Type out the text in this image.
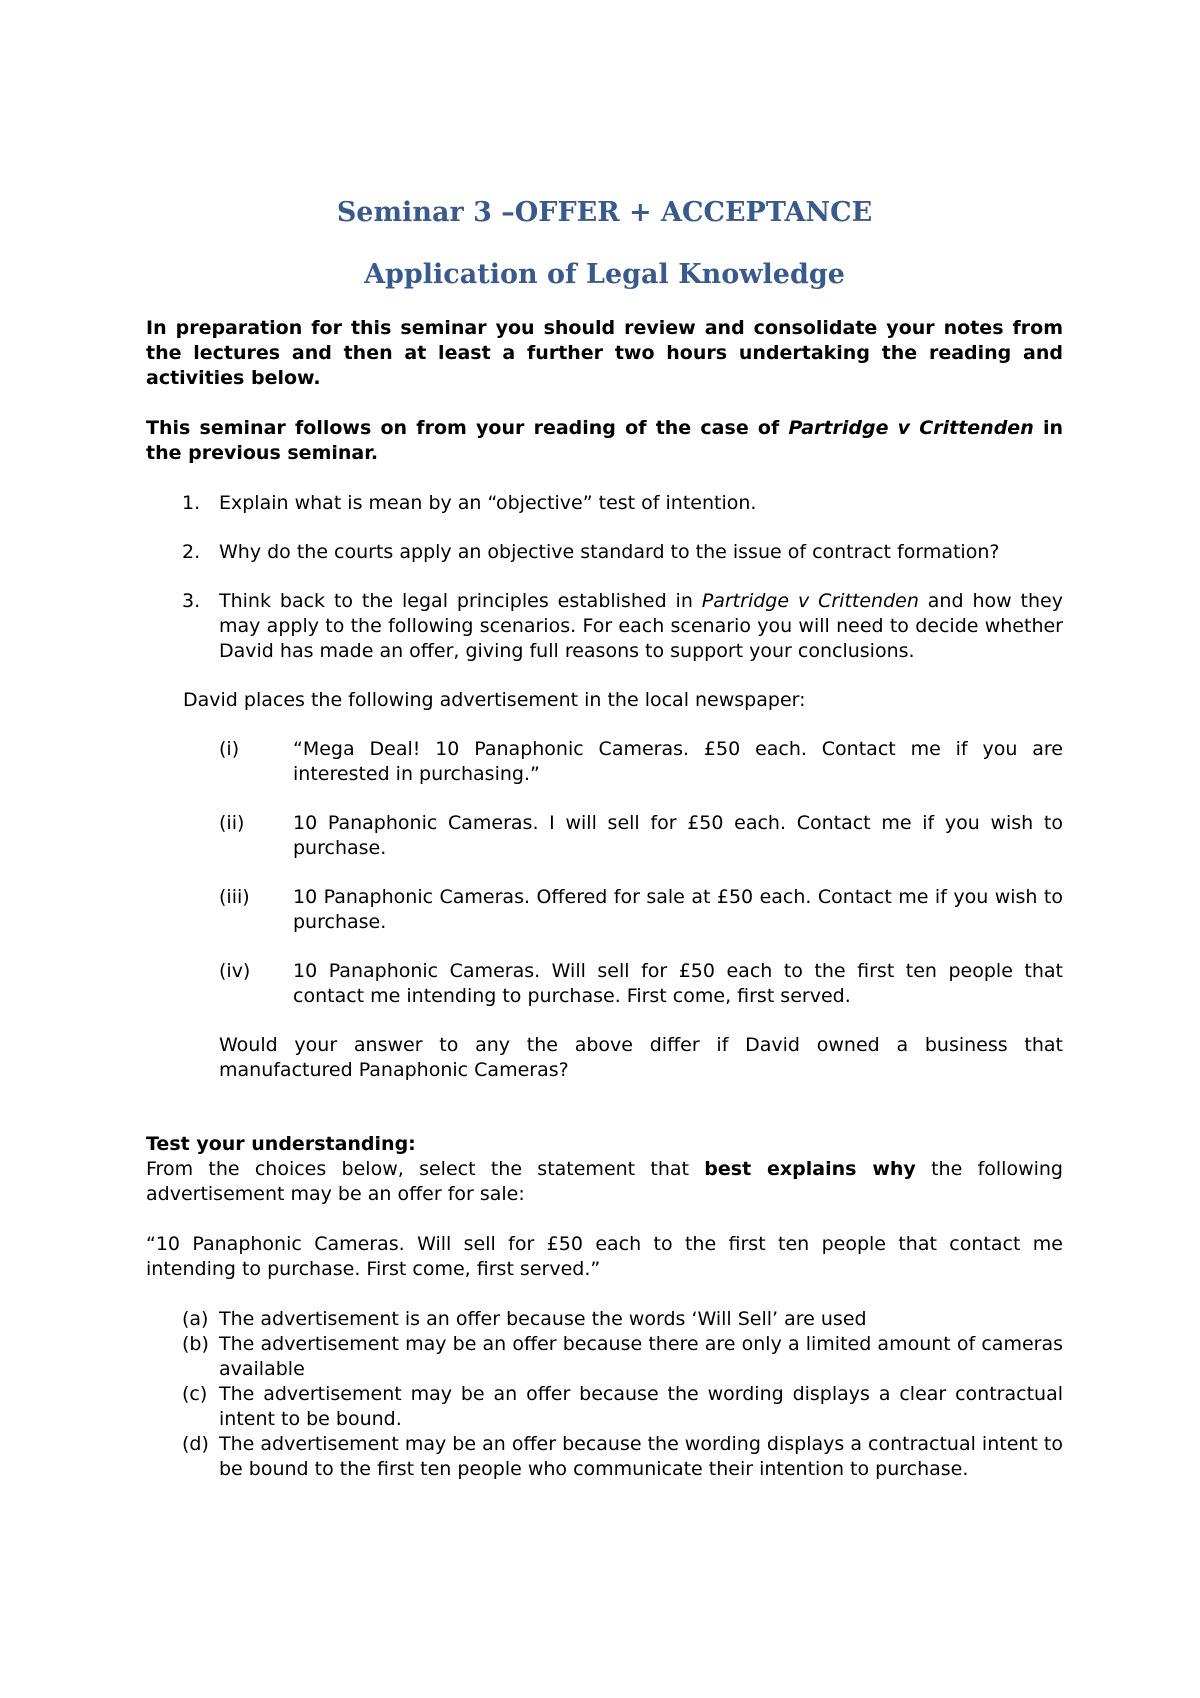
Seminar 3 –OFFER + ACCEPTANCE
Application of Legal Knowledge

In preparation for this seminar you should review and consolidate your notes from the lectures and then at least a further two hours undertaking the reading and activities below.

This seminar follows on from your reading of the case of Partridge v Crittenden in the previous seminar.

1. Explain what is mean by an “objective” test of intention.
2. Why do the courts apply an objective standard to the issue of contract formation?
3. Think back to the legal principles established in Partridge v Crittenden and how they may apply to the following scenarios. For each scenario you will need to decide whether David has made an offer, giving full reasons to support your conclusions.

David places the following advertisement in the local newspaper:

(i)	“Mega Deal! 10 Panaphonic Cameras. £50 each. Contact me if you are interested in purchasing.”
(ii)	10 Panaphonic Cameras. I will sell for £50 each. Contact me if you wish to purchase.
(iii) 10 Panaphonic Cameras. Offered for sale at £50 each. Contact me if you wish to purchase.
(iv) 10 Panaphonic Cameras. Will sell for £50 each to the first ten people that contact me intending to purchase. First come, first served.

Would your answer to any the above differ if David owned a business that manufactured Panaphonic Cameras?

Test your understanding:

From the choices below, select the statement that best explains why the following advertisement may be an offer for sale:

“10 Panaphonic Cameras. Will sell for £50 each to the first ten people that contact me intending to purchase. First come, first served.”

(a) The advertisement is an offer because the words ‘Will Sell’ are used
(b) The advertisement may be an offer because there are only a limited amount of cameras available
(c) The advertisement may be an offer because the wording displays a clear contractual intent to be bound.
(d) The advertisement may be an offer because the wording displays a contractual intent to be bound to the first ten people who communicate their intention to purchase.
